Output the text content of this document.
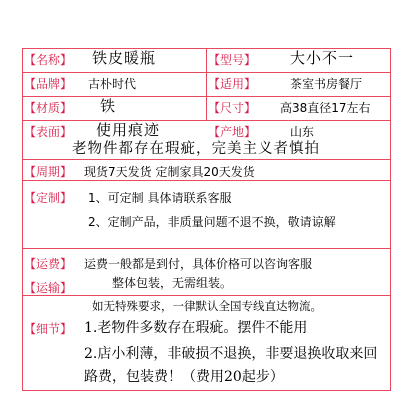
【名称】 铁皮暖瓶	【型号】 大小不一
【品牌】 古朴时代	【适用】	茶室书房餐厅
【材质】 铁	【尺寸】 高38直径17左右
【表面】 使用痕迹	【产地】	山东
老物件都存在瑕疵，完美主义者慎拍
【周期】 现货7天发货 定制家具20天发货
【定制】 1、可定制 具体请联系客服
2、定制产品，非质量问题不退不换，敬请谅解
【运费】 运费一般都是到付，具体价格可以咨询客服
【运输】	整体包装，无需组装。
如无特殊要求，一律默认全国专线直达物流。
【细节】 1.老物件多数存在瑕疵。摆件不能用
2.店小利薄，非破损不退换，非要退换收取来回路费，包装费！（费用20起步）
